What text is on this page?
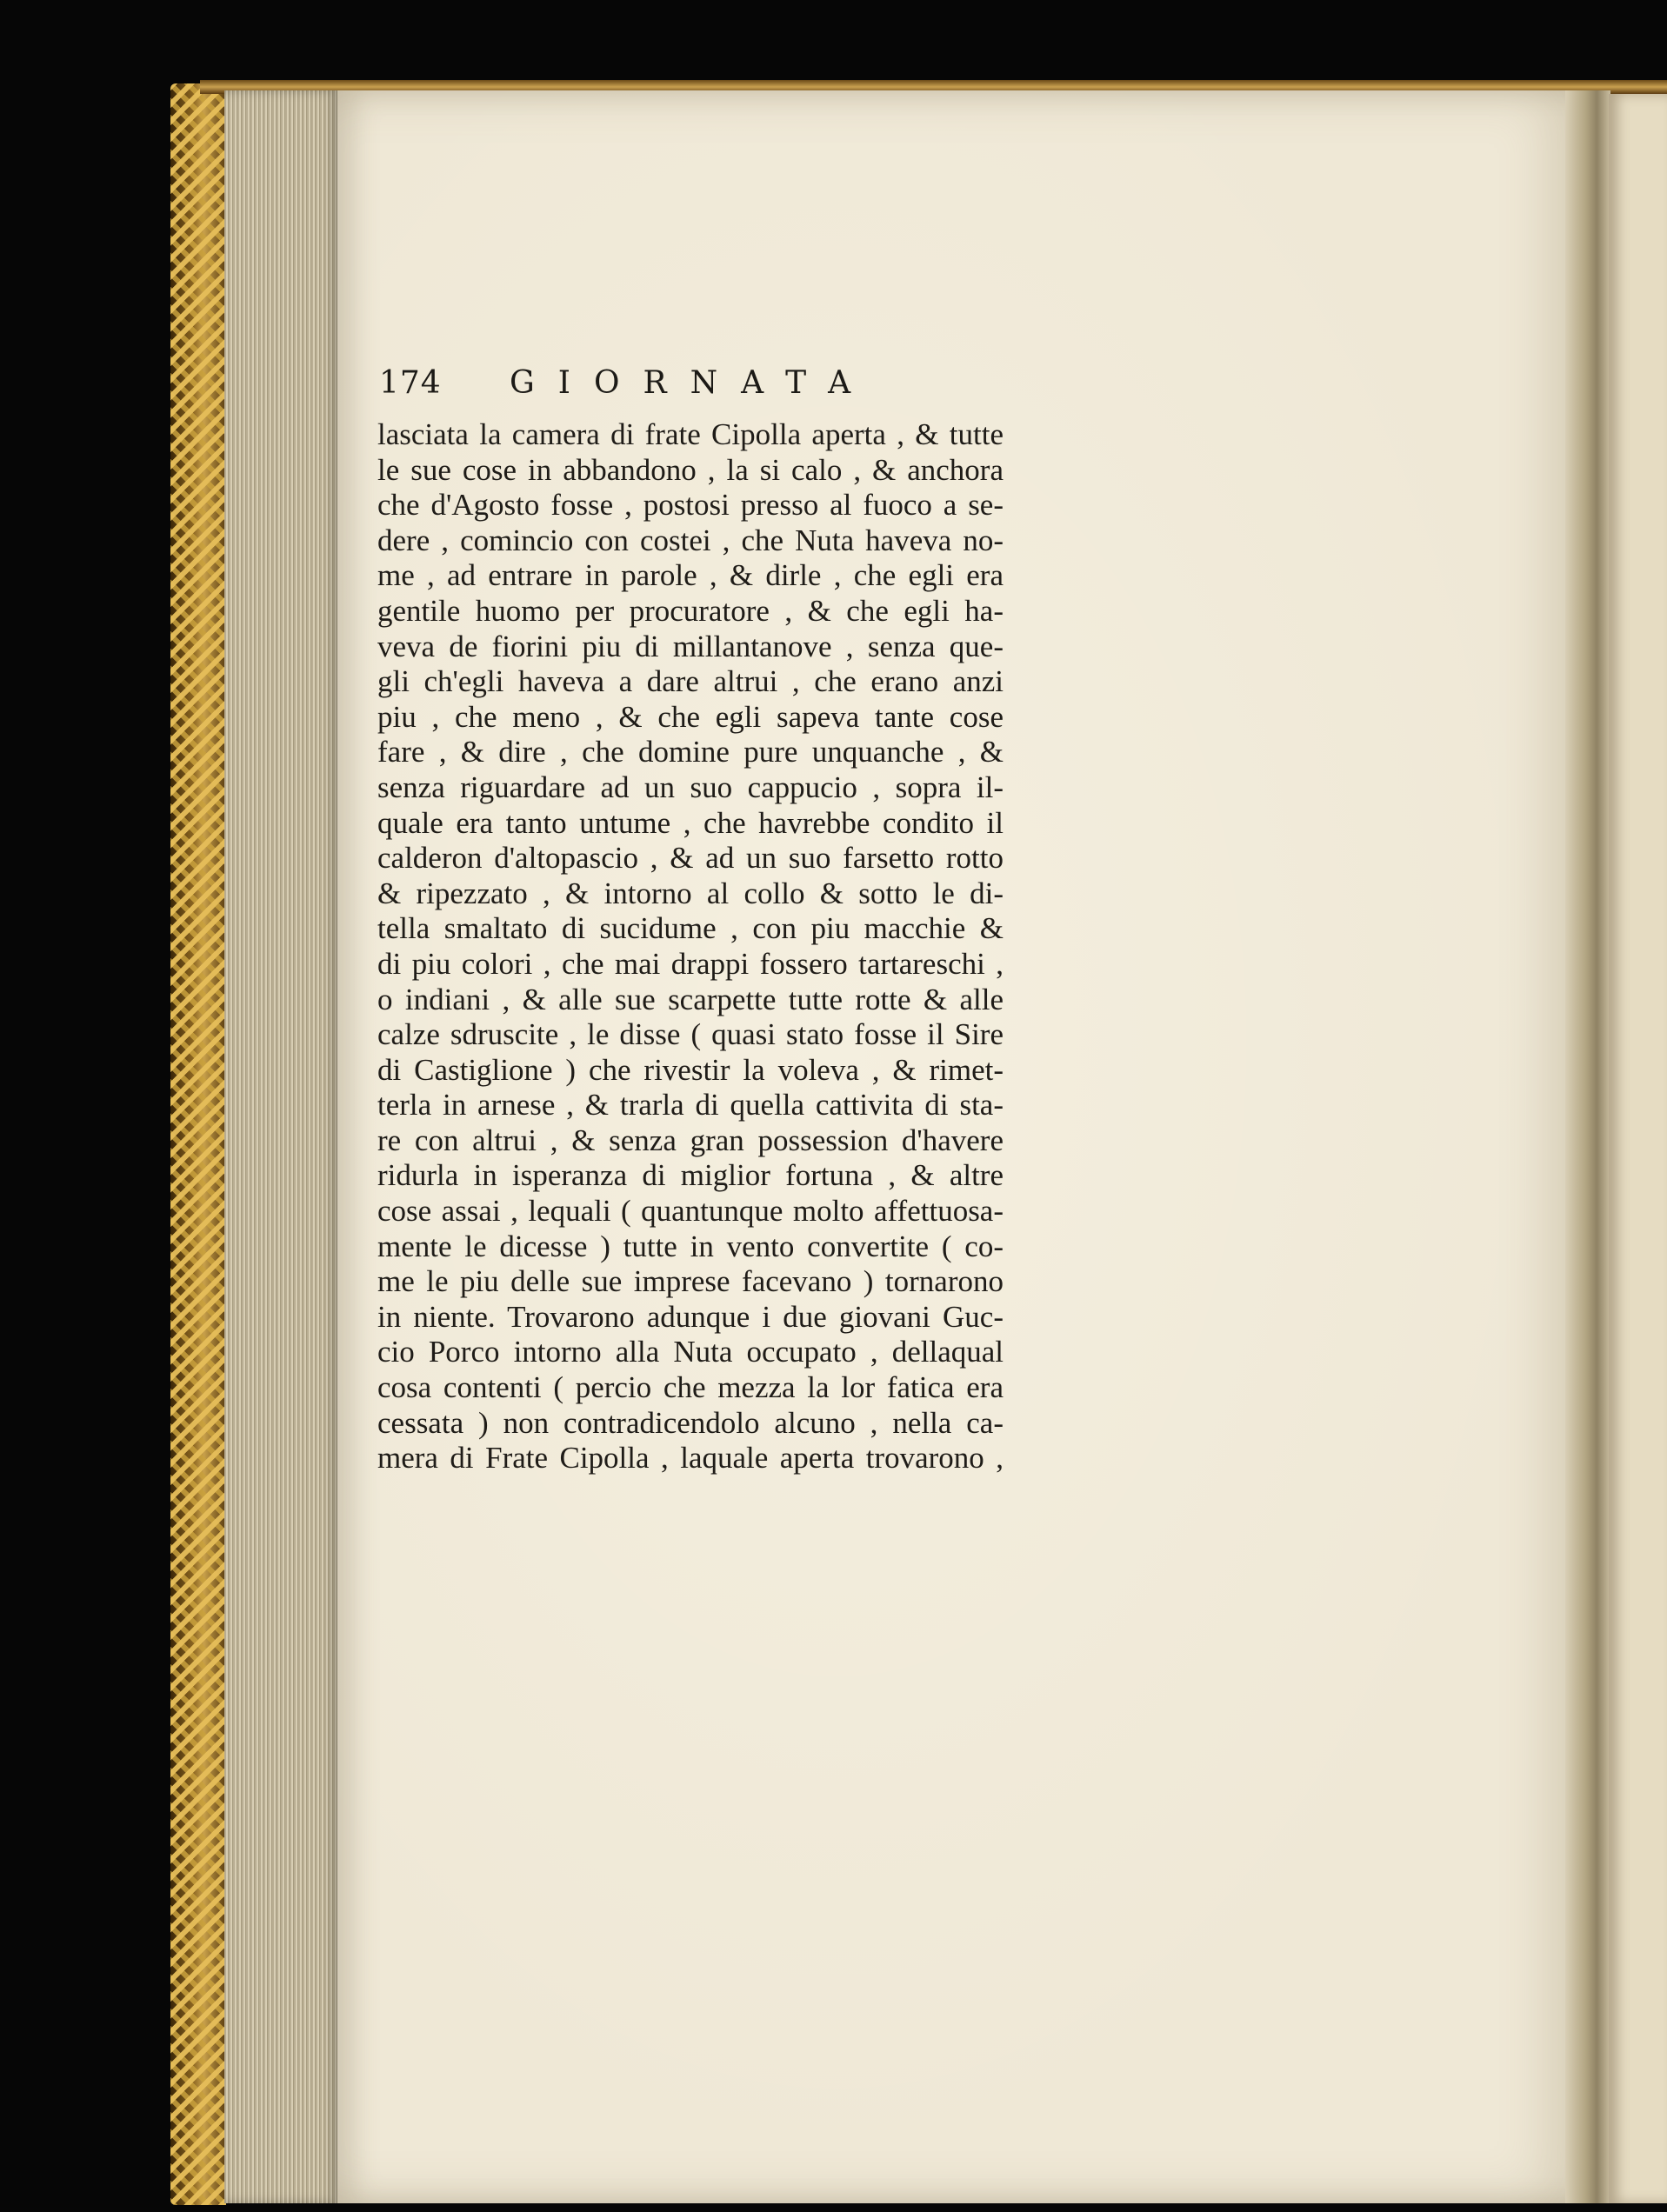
174 GIORNATA
lasciata la camera di frate Cipolla aperta , & tutte
le sue cose in abbandono , la si calo , & anchora
che d'Agosto fosse , postosi presso al fuoco a se-
dere , comincio con costei , che Nuta haveva no-
me , ad entrare in parole , & dirle , che egli era
gentile huomo per procuratore , & che egli ha-
veva de fiorini piu di millantanove , senza que-
gli ch'egli haveva a dare altrui , che erano anzi
piu , che meno , & che egli sapeva tante cose
fare , & dire , che domine pure unquanche , &
senza riguardare ad un suo cappucio , sopra il-
quale era tanto untume , che havrebbe condito il
calderon d'altopascio , & ad un suo farsetto rotto
& ripezzato , & intorno al collo & sotto le di-
tella smaltato di sucidume , con piu macchie &
di piu colori , che mai drappi fossero tartareschi ,
o indiani , & alle sue scarpette tutte rotte & alle
calze sdruscite , le disse ( quasi stato fosse il Sire
di Castiglione ) che rivestir la voleva , & rimet-
terla in arnese , & trarla di quella cattivita di sta-
re con altrui , & senza gran possession d'havere
ridurla in isperanza di miglior fortuna , & altre
cose assai , lequali ( quantunque molto affettuosa-
mente le dicesse ) tutte in vento convertite ( co-
me le piu delle sue imprese facevano ) tornarono
in niente. Trovarono adunque i due giovani Guc-
cio Porco intorno alla Nuta occupato , dellaqual
cosa contenti ( percio che mezza la lor fatica era
cessata ) non contradicendolo alcuno , nella ca-
mera di Frate Cipolla , laquale aperta trovarono ,
